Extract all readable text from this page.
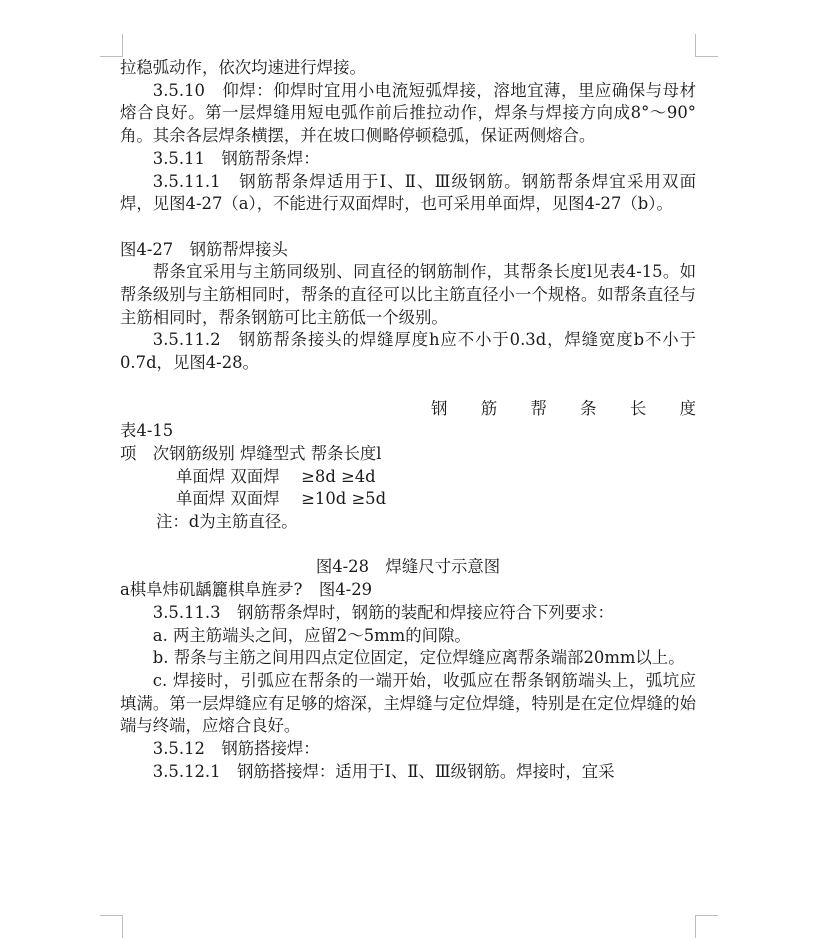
拉稳弧动作，依次均速进行焊接。

3.5.10　仰焊：仰焊时宜用小电流短弧焊接，溶地宜薄，里应确保与母材熔合良好。第一层焊缝用短电弧作前后推拉动作，焊条与焊接方向成8°～90°角。其余各层焊条横摆，并在坡口侧略停顿稳弧，保证两侧熔合。

3.5.11　钢筋帮条焊：

3.5.11.1　钢筋帮条焊适用于Ⅰ、Ⅱ、Ⅲ级钢筋。钢筋帮条焊宜采用双面焊，见图4-27（a），不能进行双面焊时，也可采用单面焊，见图4-27（b）。

图4-27　钢筋帮焊接头

帮条宜采用与主筋同级别、同直径的钢筋制作，其帮条长度l见表4-15。如帮条级别与主筋相同时，帮条的直径可以比主筋直径小一个规格。如帮条直径与主筋相同时，帮条钢筋可比主筋低一个级别。

3.5.11.2　钢筋帮条接头的焊缝厚度h应不小于0.3d，焊缝宽度b不小于0.7d，见图4-28。

钢 筋 帮 条 长 度

表4-15

项　次钢筋级别 焊缝型式 帮条长度l

单面焊 双面焊　 ≥8d ≥4d

单面焊 双面焊　 ≥10d ≥5d

注：d为主筋直径。

图4-28　焊缝尺寸示意图

a棋阜炜矶龋籭棋阜旌夛?　图4-29

3.5.11.3　钢筋帮条焊时，钢筋的装配和焊接应符合下列要求：

a. 两主筋端头之间，应留2～5mm的间隙。

b. 帮条与主筋之间用四点定位固定，定位焊缝应离帮条端部20mm以上。

c. 焊接时，引弧应在帮条的一端开始，收弧应在帮条钢筋端头上，弧坑应填满。第一层焊缝应有足够的熔深，主焊缝与定位焊缝，特别是在定位焊缝的始端与终端，应熔合良好。

3.5.12　钢筋搭接焊：

3.5.12.1　钢筋搭接焊：适用于Ⅰ、Ⅱ、Ⅲ级钢筋。焊接时，宜采
